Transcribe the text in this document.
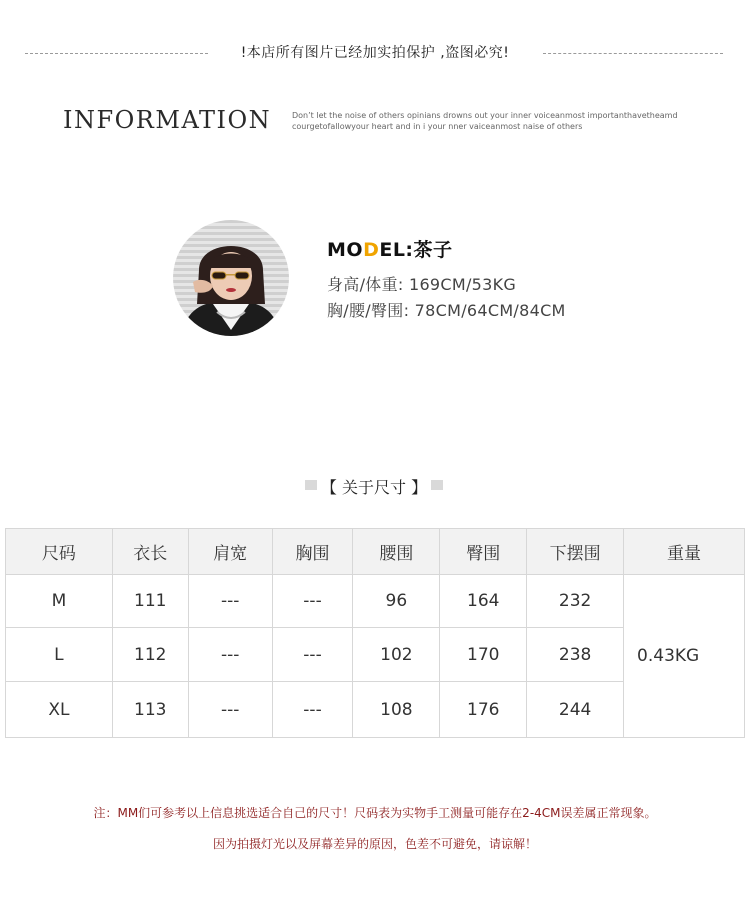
!本店所有图片已经加实拍保护 ,盗图必究!
INFORMATION	Don’t let the noise of others opinians drowns out your inner voiceanmost importanthavetheamd courgetofallowyour heart and in i your nner vaiceanmost naise of others
MODEL:茶子
身高/体重: 169CM/53KG
胸/腰/臀围: 78CM/64CM/84CM
【 关于尺寸 】
尺码	衣长	肩宽	胸围	腰围	臀围	下摆围	重量
M	111	---	---	96	164	232	0.43KG
L	112	---	---	102	170	238	
XL	113	---	---	108	176	244	
注：MM们可参考以上信息挑选适合自己的尺寸！尺码表为实物手工测量可能存在2-4CM误差属正常现象。
因为拍摄灯光以及屏幕差异的原因，色差不可避免，请谅解！
